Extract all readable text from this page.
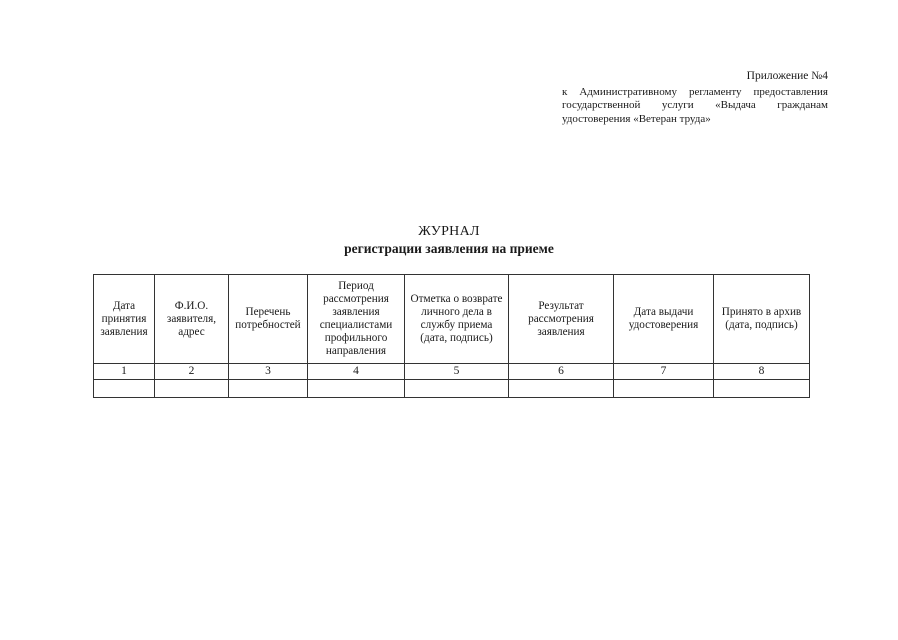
Приложение №4
к Административному регламенту предоставления государственной услуги «Выдача гражданам удостоверения «Ветеран труда»
ЖУРНАЛ
регистрации заявления на приеме
Дата принятия заявления	Ф.И.О. заявителя, адрес	Перечень потребностей	Период рассмотрения заявления специалистами профильного направления	Отметка о возврате личного дела в службу приема (дата, подпись)	Результат рассмотрения заявления	Дата выдачи удостоверения	Принято в архив (дата, подпись)
1	2	3	4	5	6	7	8
